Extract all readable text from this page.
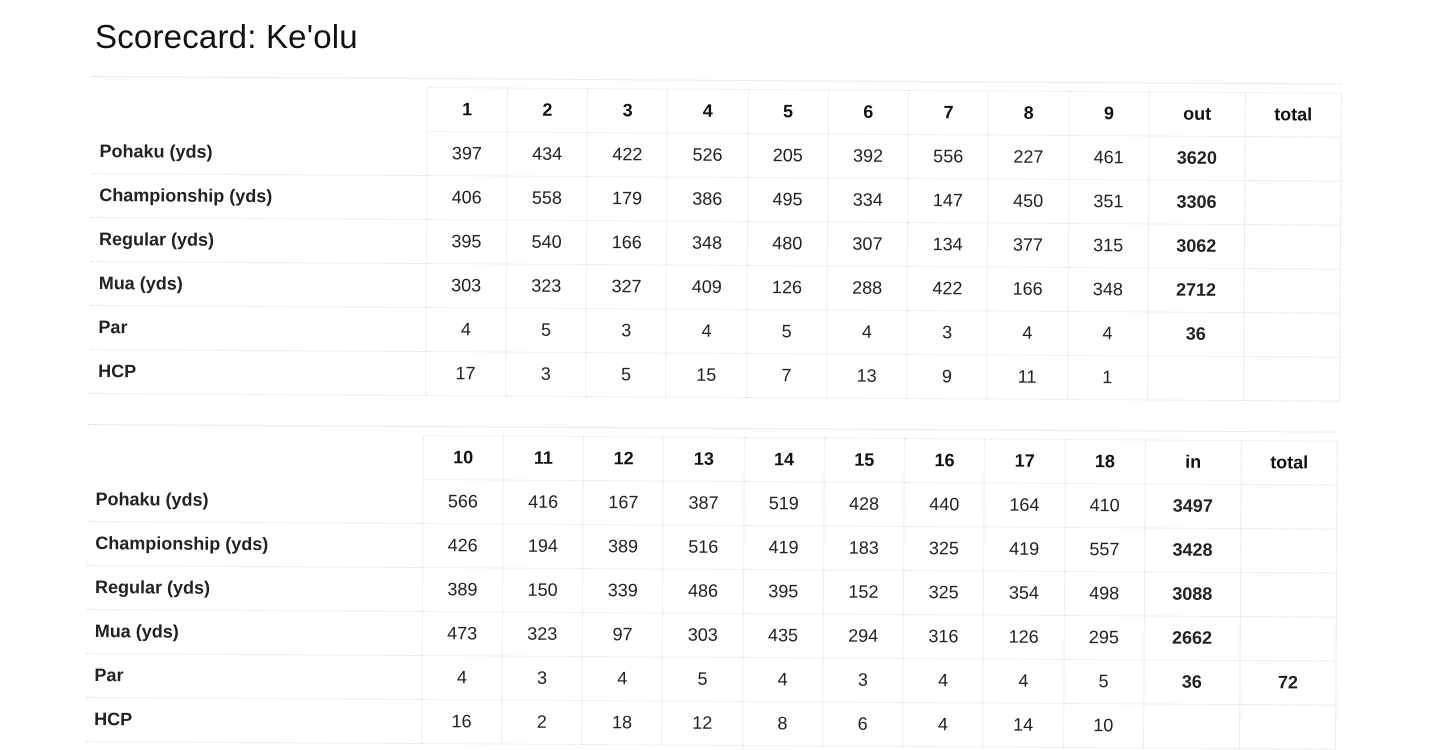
Scorecard: Ke'olu
	1	2	3	4	5	6	7	8	9	out	total
Pohaku (yds)	397	434	422	526	205	392	556	227	461	3620	
Championship (yds)	406	558	179	386	495	334	147	450	351	3306	
Regular (yds)	395	540	166	348	480	307	134	377	315	3062	
Mua (yds)	303	323	327	409	126	288	422	166	348	2712	
Par	4	5	3	4	5	4	3	4	4	36	
HCP	17	3	5	15	7	13	9	11	1		
	10	11	12	13	14	15	16	17	18	in	total
Pohaku (yds)	566	416	167	387	519	428	440	164	410	3497	
Championship (yds)	426	194	389	516	419	183	325	419	557	3428	
Regular (yds)	389	150	339	486	395	152	325	354	498	3088	
Mua (yds)	473	323	97	303	435	294	316	126	295	2662	
Par	4	3	4	5	4	3	4	4	5	36	72
HCP	16	2	18	12	8	6	4	14	10		
